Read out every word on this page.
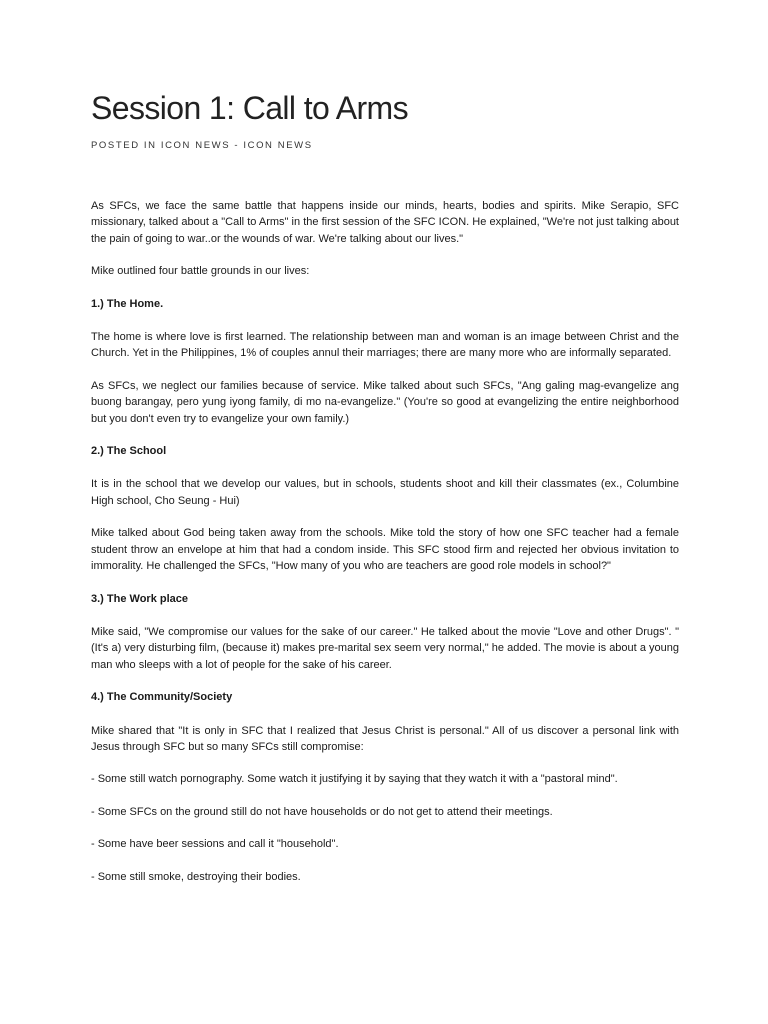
Session 1: Call to Arms
POSTED IN ICON NEWS - ICON NEWS

As SFCs, we face the same battle that happens inside our minds, hearts, bodies and spirits. Mike Serapio, SFC missionary, talked about a "Call to Arms" in the first session of the SFC ICON. He explained, "We're not just talking about the pain of going to war..or the wounds of war. We're talking about our lives."

Mike outlined four battle grounds in our lives:

1.) The Home.

The home is where love is first learned. The relationship between man and woman is an image between Christ and the Church. Yet in the Philippines, 1% of couples annul their marriages; there are many more who are informally separated.

As SFCs, we neglect our families because of service. Mike talked about such SFCs, "Ang galing mag-evangelize ang buong barangay, pero yung iyong family, di mo na-evangelize." (You're so good at evangelizing the entire neighborhood but you don't even try to evangelize your own family.)

2.) The School

It is in the school that we develop our values, but in schools, students shoot and kill their classmates (ex., Columbine High school, Cho Seung - Hui)

Mike talked about God being taken away from the schools. Mike told the story of how one SFC teacher had a female student throw an envelope at him that had a condom inside. This SFC stood firm and rejected her obvious invitation to immorality. He challenged the SFCs, "How many of you who are teachers are good role models in school?"

3.) The Work place

Mike said, "We compromise our values for the sake of our career." He talked about the movie "Love and other Drugs". "(It's a) very disturbing film, (because it) makes pre-marital sex seem very normal," he added. The movie is about a young man who sleeps with a lot of people for the sake of his career.

4.) The Community/Society

Mike shared that "It is only in SFC that I realized that Jesus Christ is personal." All of us discover a personal link with Jesus through SFC but so many SFCs still compromise:

- Some still watch pornography. Some watch it justifying it by saying that they watch it with a "pastoral mind".

- Some SFCs on the ground still do not have households or do not get to attend their meetings.

- Some have beer sessions and call it "household".

- Some still smoke, destroying their bodies.
